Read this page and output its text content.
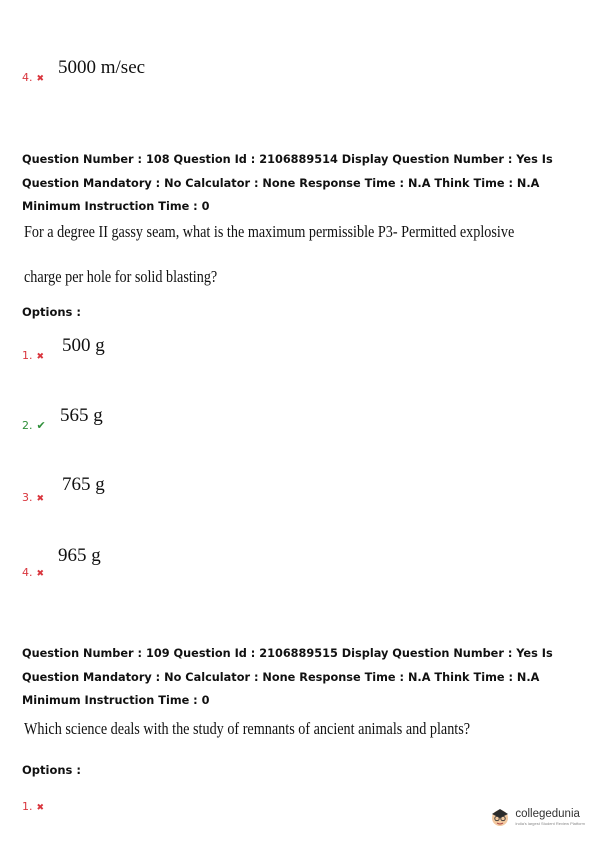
4. ✖
5000 m/sec
Question Number : 108 Question Id : 2106889514 Display Question Number : Yes Is Question Mandatory : No Calculator : None Response Time : N.A Think Time : N.A Minimum Instruction Time : 0
For a degree II gassy seam, what is the maximum permissible P3- Permitted explosive
charge per hole for solid blasting?
Options :
1. ✖
500 g
2. ✔ 565 g
3. ✖
765 g
4. ✖
965 g
Question Number : 109 Question Id : 2106889515 Display Question Number : Yes Is Question Mandatory : No Calculator : None Response Time : N.A Think Time : N.A Minimum Instruction Time : 0
Which science deals with the study of remnants of ancient animals and plants?
Options :
1. ✖	collegedunia
India's largest Student Review Platform
